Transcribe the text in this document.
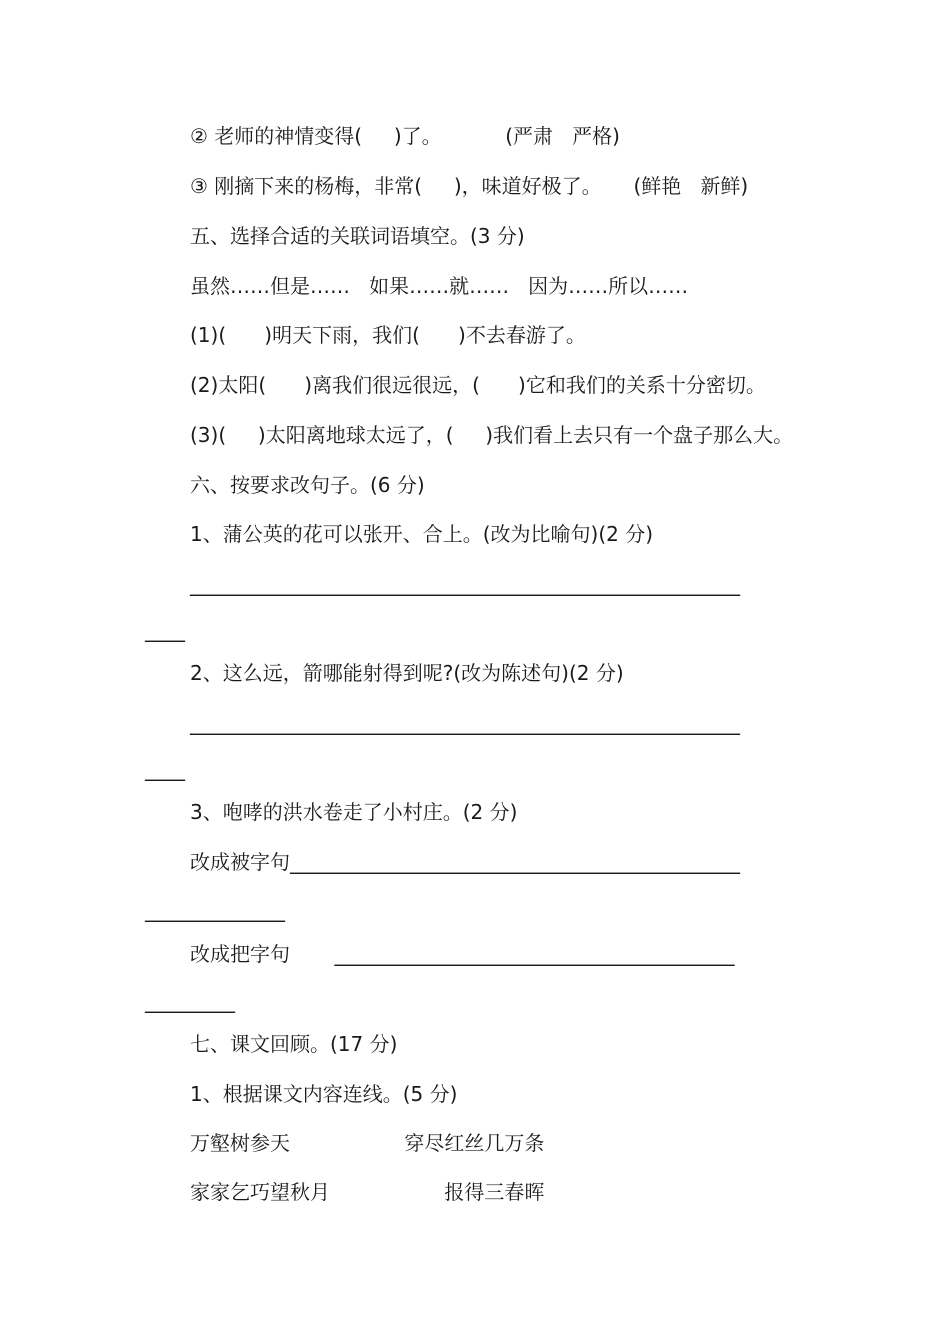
② 老师的神情变得(     )了。          (严肃   严格)
③ 刚摘下来的杨梅，非常(     )，味道好极了。     (鲜艳   新鲜)
五、选择合适的关联词语填空。(3 分)
虽然……但是……   如果……就……   因为……所以……
(1)(      )明天下雨，我们(      )不去春游了。
(2)太阳(      )离我们很远很远，(      )它和我们的关系十分密切。
(3)(     )太阳离地球太远了，(     )我们看上去只有一个盘子那么大。
六、按要求改句子。(6 分)
1、蒲公英的花可以张开、合上。(改为比喻句)(2 分)
_______________________________________________________
____
2、这么远，箭哪能射得到呢?(改为陈述句)(2 分)
_______________________________________________________
____
3、咆哮的洪水卷走了小村庄。(2 分)
改成被字句_____________________________________________
______________
改成把字句       ________________________________________
_________
七、课文回顾。(17 分)
1、根据课文内容连线。(5 分)
万壑树参天                  穿尽红丝几万条
家家乞巧望秋月                  报得三春晖
